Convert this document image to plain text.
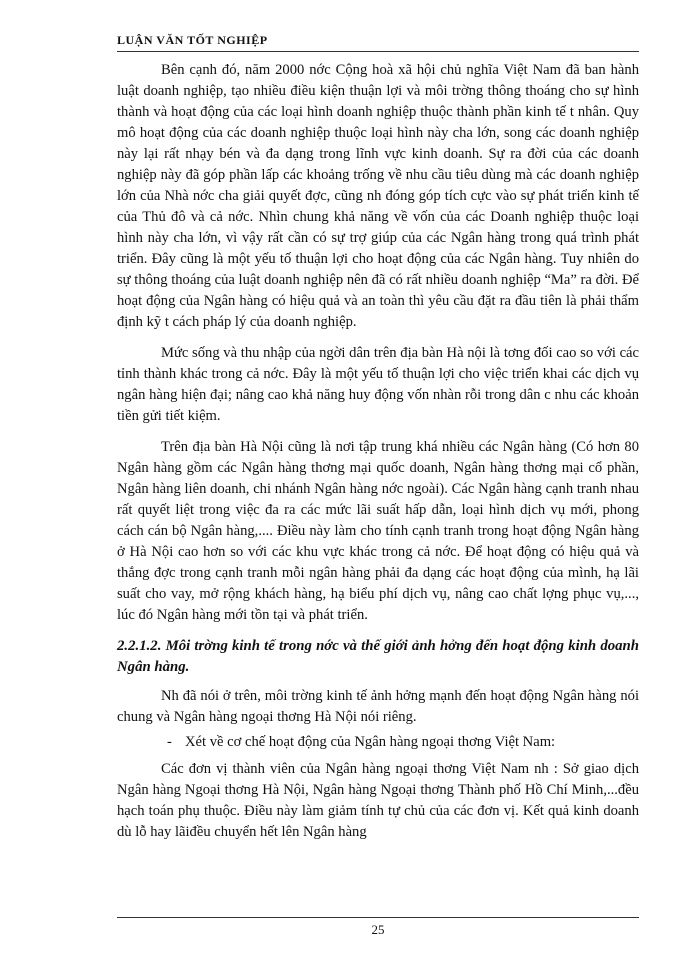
LUẬN VĂN TỐT NGHIỆP

Bên cạnh đó, năm 2000 nớc Cộng hoà xã hội chủ nghĩa Việt Nam đã ban hành luật doanh nghiệp, tạo nhiều điều kiện thuận lợi và môi trờng thông thoáng cho sự hình thành và hoạt động của các loại hình doanh nghiệp thuộc thành phần kinh tế t nhân. Quy mô hoạt động của các doanh nghiệp thuộc loại hình này cha lớn, song các doanh nghiệp này lại rất nhạy bén và đa dạng trong lĩnh vực kinh doanh. Sự ra đời của các doanh nghiệp này đã góp phần lấp các khoảng trống về nhu cầu tiêu dùng mà các doanh nghiệp lớn của Nhà nớc cha giải quyết đợc, cũng nh đóng góp tích cực vào sự phát triển kinh tế của Thủ đô và cả nớc. Nhìn chung khả năng về vốn của các Doanh nghiệp thuộc loại hình này cha lớn, vì vậy rất cần có sự trợ giúp của các Ngân hàng trong quá trình phát triển. Đây cũng là một yếu tố thuận lợi cho hoạt động của các Ngân hàng. Tuy nhiên do sự thông thoáng của luật doanh nghiệp nên đã có rất nhiều doanh nghiệp “Ma” ra đời. Để hoạt động của Ngân hàng có hiệu quả và an toàn thì yêu cầu đặt ra đầu tiên là phải thẩm định kỹ t cách pháp lý của doanh nghiệp.

Mức sống và thu nhập của ngời dân trên địa bàn Hà nội là tơng đối cao so với các tỉnh thành khác trong cả nớc. Đây là một yếu tố thuận lợi cho việc triển khai các dịch vụ ngân hàng hiện đại; nâng cao khả năng huy động vốn nhàn rỗi trong dân c nhu các khoản tiền gửi tiết kiệm.

Trên địa bàn Hà Nội cũng là nơi tập trung khá nhiều các Ngân hàng (Có hơn 80 Ngân hàng gồm các Ngân hàng thơng mại quốc doanh, Ngân hàng thơng mại cổ phần, Ngân hàng liên doanh, chi nhánh Ngân hàng nớc ngoài). Các Ngân hàng cạnh tranh nhau rất quyết liệt trong việc đa ra các mức lãi suất hấp dẫn, loại hình dịch vụ mới, phong cách cán bộ Ngân hàng,.... Điều này làm cho tính cạnh tranh trong hoạt động Ngân hàng ở Hà Nội cao hơn so với các khu vực khác trong cả nớc. Để hoạt động có hiệu quả và thắng đợc trong cạnh tranh mỗi ngân hàng phải đa dạng các hoạt động của mình, hạ lãi suất cho vay, mở rộng khách hàng, hạ biểu phí dịch vụ, nâng cao chất lợng phục vụ,..., lúc đó Ngân hàng mới tồn tại và phát triển.

2.2.1.2. Môi trờng kinh tế trong nớc và thế giới ảnh hởng đến hoạt động kinh doanh Ngân hàng.

Nh đã nói ở trên, môi trờng kinh tế ảnh hởng mạnh đến hoạt động Ngân hàng nói chung và Ngân hàng ngoại thơng Hà Nội nói riêng.

- Xét về cơ chế hoạt động của Ngân hàng ngoại thơng Việt Nam:

Các đơn vị thành viên của Ngân hàng ngoại thơng Việt Nam nh : Sở giao dịch Ngân hàng Ngoại thơng Hà Nội, Ngân hàng Ngoại thơng Thành phố Hồ Chí Minh,...đều hạch toán phụ thuộc. Điều này làm giảm tính tự chủ của các đơn vị. Kết quả kinh doanh dù lỗ hay lãiđều chuyển hết lên Ngân hàng

25
